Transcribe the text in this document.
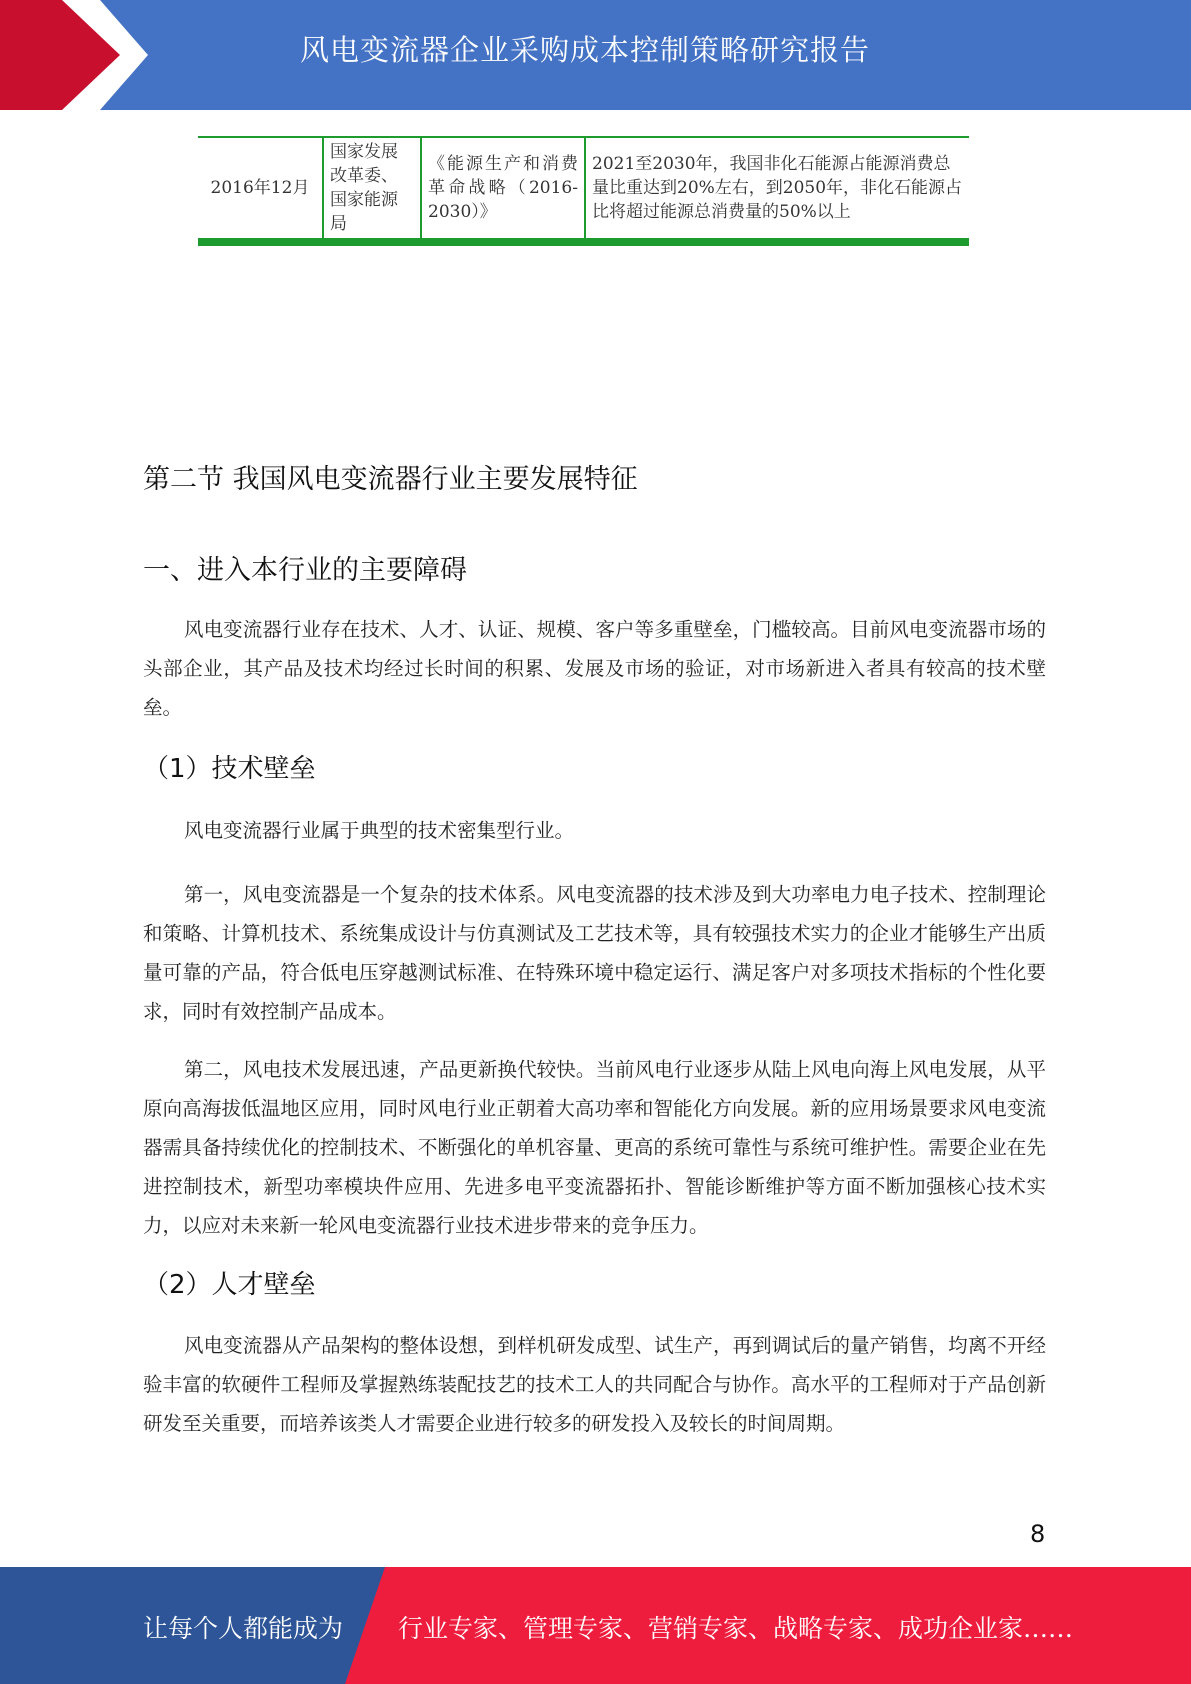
风电变流器企业采购成本控制策略研究报告
2016年12月	国家发展改革委、国家能源局	《能源生产和消费革命战略（2016-2030）》	2021至2030年，我国非化石能源占能源消费总量比重达到20%左右，到2050年，非化石能源占比将超过能源总消费量的50%以上
第二节 我国风电变流器行业主要发展特征
一、进入本行业的主要障碍
风电变流器行业存在技术、人才、认证、规模、客户等多重壁垒，门槛较高。目前风电变流器市场的头部企业，其产品及技术均经过长时间的积累、发展及市场的验证，对市场新进入者具有较高的技术壁垒。
（1）技术壁垒
风电变流器行业属于典型的技术密集型行业。
第一，风电变流器是一个复杂的技术体系。风电变流器的技术涉及到大功率电力电子技术、控制理论和策略、计算机技术、系统集成设计与仿真测试及工艺技术等，具有较强技术实力的企业才能够生产出质量可靠的产品，符合低电压穿越测试标准、在特殊环境中稳定运行、满足客户对多项技术指标的个性化要求，同时有效控制产品成本。
第二，风电技术发展迅速，产品更新换代较快。当前风电行业逐步从陆上风电向海上风电发展，从平原向高海拔低温地区应用，同时风电行业正朝着大高功率和智能化方向发展。新的应用场景要求风电变流器需具备持续优化的控制技术、不断强化的单机容量、更高的系统可靠性与系统可维护性。需要企业在先进控制技术，新型功率模块件应用、先进多电平变流器拓扑、智能诊断维护等方面不断加强核心技术实力，以应对未来新一轮风电变流器行业技术进步带来的竞争压力。
（2）人才壁垒
风电变流器从产品架构的整体设想，到样机研发成型、试生产，再到调试后的量产销售，均离不开经验丰富的软硬件工程师及掌握熟练装配技艺的技术工人的共同配合与协作。高水平的工程师对于产品创新研发至关重要，而培养该类人才需要企业进行较多的研发投入及较长的时间周期。
8
让每个人都能成为 行业专家、管理专家、营销专家、战略专家、成功企业家……
